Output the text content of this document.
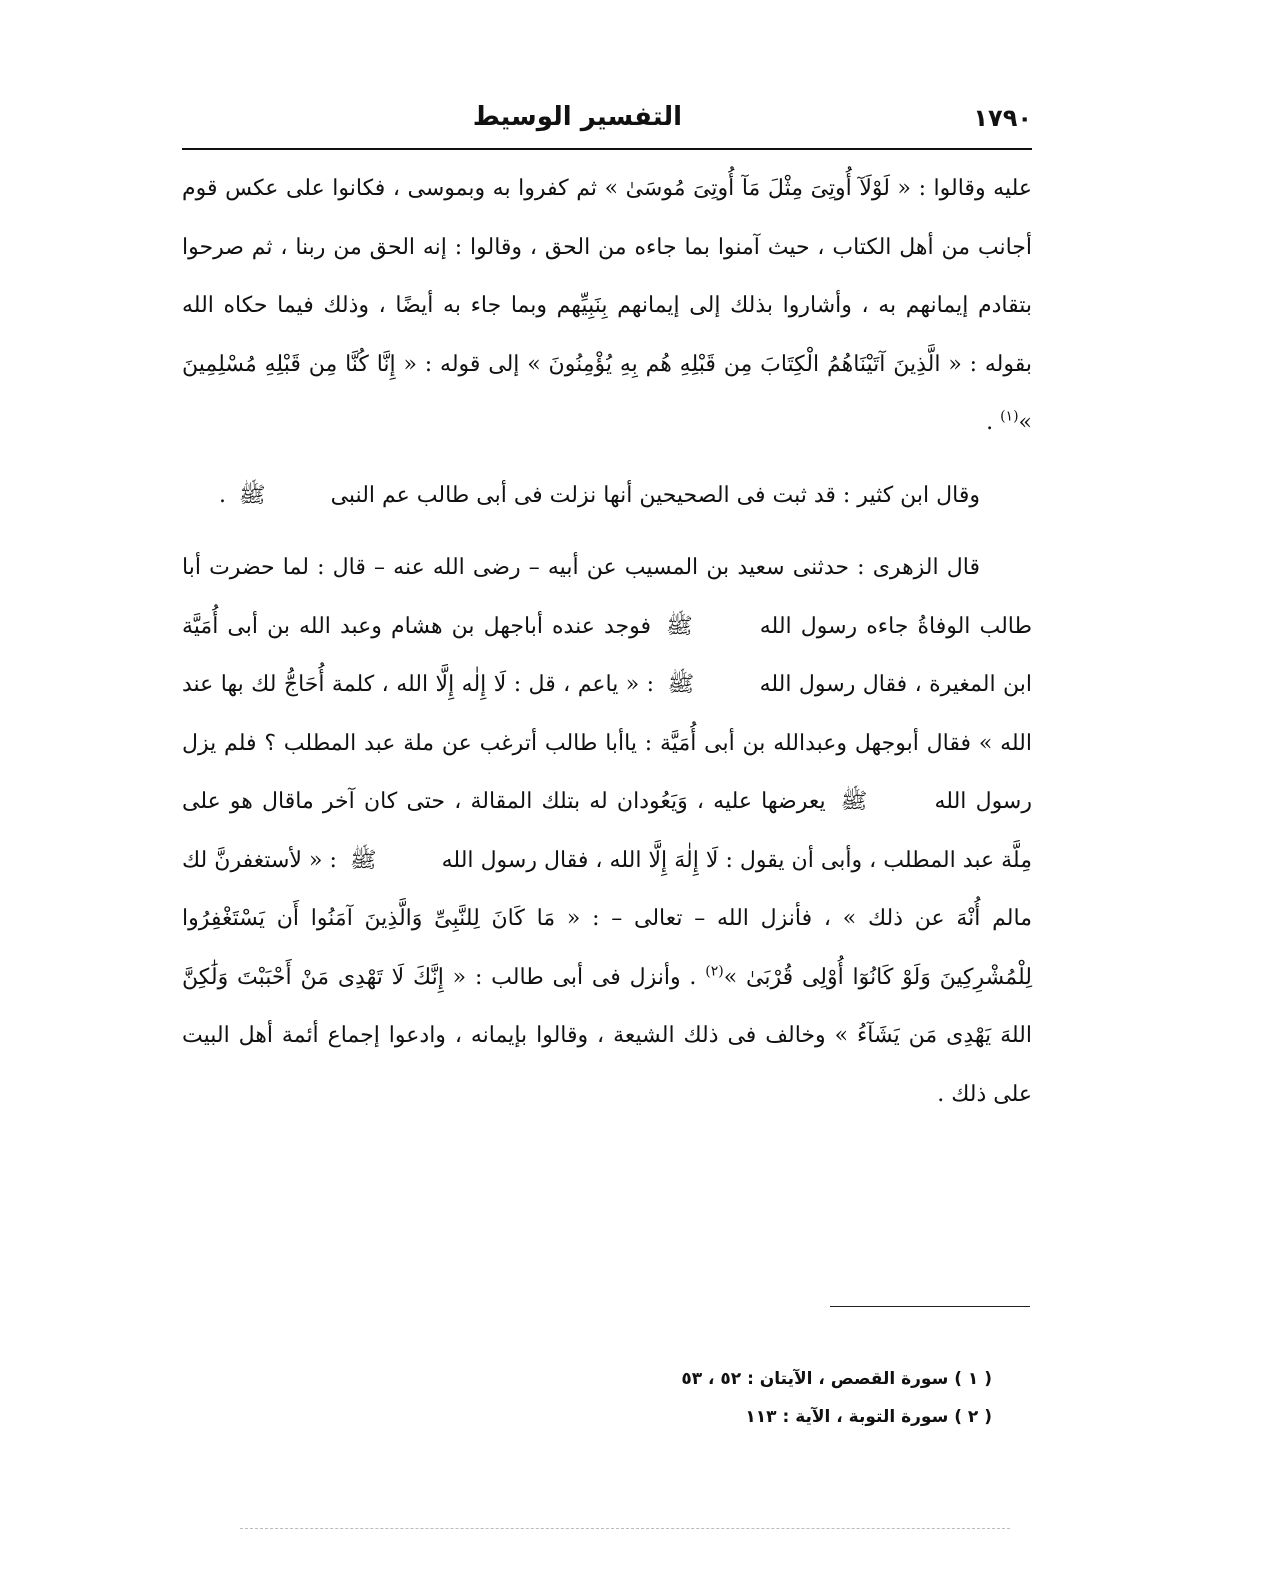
١٧٩٠
التفسير الوسيط

عليه وقالوا : « لَوْلَآ أُوتِىَ مِثْلَ مَآ أُوتِىَ مُوسَىٰ » ثم كفروا به وبموسى ، فكانوا على عكس قوم أجانب من أهل الكتاب ، حيث آمنوا بما جاءه من الحق ، وقالوا : إنه الحق من ربنا ، ثم صرحوا بتقادم إيمانهم به ، وأشاروا بذلك إلى إيمانهم بِنَبِيِّهم وبما جاء به أيضًا ، وذلك فيما حكاه الله بقوله : « الَّذِينَ آتَيْنَاهُمُ الْكِتَابَ مِن قَبْلِهِ هُم بِهِ يُؤْمِنُونَ » إلى قوله : « إِنَّا كُنَّا مِن قَبْلِهِ مُسْلِمِينَ »$^{(١)}$ .

وقال ابن كثير : قد ثبت فى الصحيحين أنها نزلت فى أبى طالب عم النبى ﷺ .

قال الزهرى : حدثنى سعيد بن المسيب عن أبيه – رضى الله عنه – قال : لما حضرت أبا طالب الوفاةُ جاءه رسول الله ﷺ فوجد عنده أباجهل بن هشام وعبد الله بن أبى أُمَيَّة ابن المغيرة ، فقال رسول الله ﷺ : « ياعم ، قل : لَا إِلٰه إِلَّا الله ، كلمة أُحَاجُّ لك بها عند الله » فقال أبوجهل وعبدالله بن أبى أُمَيَّة : ياأبا طالب أترغب عن ملة عبد المطلب ؟ فلم يزل رسول الله ﷺ يعرضها عليه ، وَيَعُودان له بتلك المقالة ، حتى كان آخر ماقال هو على مِلَّة عبد المطلب ، وأبى أن يقول : لَا إِلٰهَ إِلَّا الله ، فقال رسول الله ﷺ : « لأستغفرنَّ لك مالم أُنْهَ عن ذلك » ، فأنزل الله – تعالى – : « مَا كَانَ لِلنَّبِىِّ وَالَّذِينَ آمَنُوا أَن يَسْتَغْفِرُوا لِلْمُشْرِكِينَ وَلَوْ كَانُوٓا أُوْلِى قُرْبَىٰ »$^{(٢)}$ . وأنزل فى أبى طالب : « إِنَّكَ لَا تَهْدِى مَنْ أَحْبَبْتَ وَلَٰكِنَّ اللهَ يَهْدِى مَن يَشَآءُ » وخالف فى ذلك الشيعة ، وقالوا بإيمانه ، وادعوا إجماع أئمة أهل البيت على ذلك .

( ١ ) سورة القصص ، الآيتان : ٥٢ ، ٥٣

( ٢ ) سورة التوبة ، الآية : ١١٣
